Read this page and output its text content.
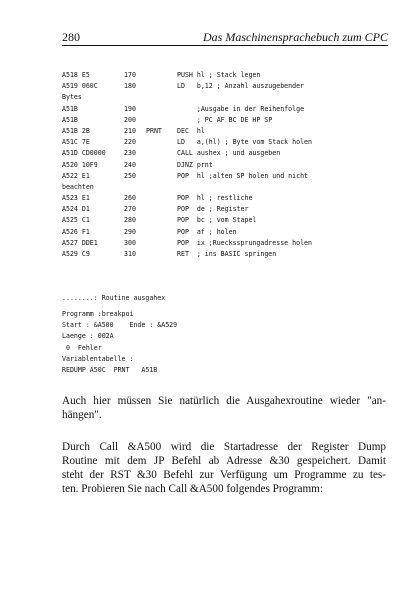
280	Das Maschinensprachebuch zum CPC
A518 E5	170	PUSH hl ; Stack legen
A519 060C	180	LD   b,12 ; Anzahl auszugebender
Bytes
A51B	190	;Ausgabe in der Reihenfolge
A51B	200	; PC AF BC DE HP SP
A51B 2B	210 PRNT DEC  hl
A51C 7E	220	LD   a,(hl) ; Byte vom Stack holen
A51D CD0000	230	CALL aushex ; und ausgeben
A520 10F9	240	DJNZ prnt
A522 E1	250	POP  hl ;alten SP holen und nicht
beachten
A523 E1	260	POP  hl ; restliche
A524 D1	270	POP  de ; Register
A525 C1	280	POP  bc ; vom Stapel
A526 F1	290	POP  af ; holen
A527 DDE1	300	POP  ix ;Rueckssprungadresse holen
A529 C9	310	RET  ; ins BASIC springen
........: Routine ausgahex
Programm :breakpoi
Start : &A500    Ende : &A529
Laenge : 002A
0  Fehler
Variablentabelle :
REDUMP A50C  PRNT   A51B
Auch hier müssen Sie natürlich die Ausgahexroutine wieder "an-
hängen".
Durch Call &A500 wird die Startadresse der Register Dump
Routine mit dem JP Befehl ab Adresse &30 gespeichert. Damit
steht der RST &30 Befehl zur Verfügung um Programme zu tes-
ten. Probieren Sie nach Call &A500 folgendes Programm:
